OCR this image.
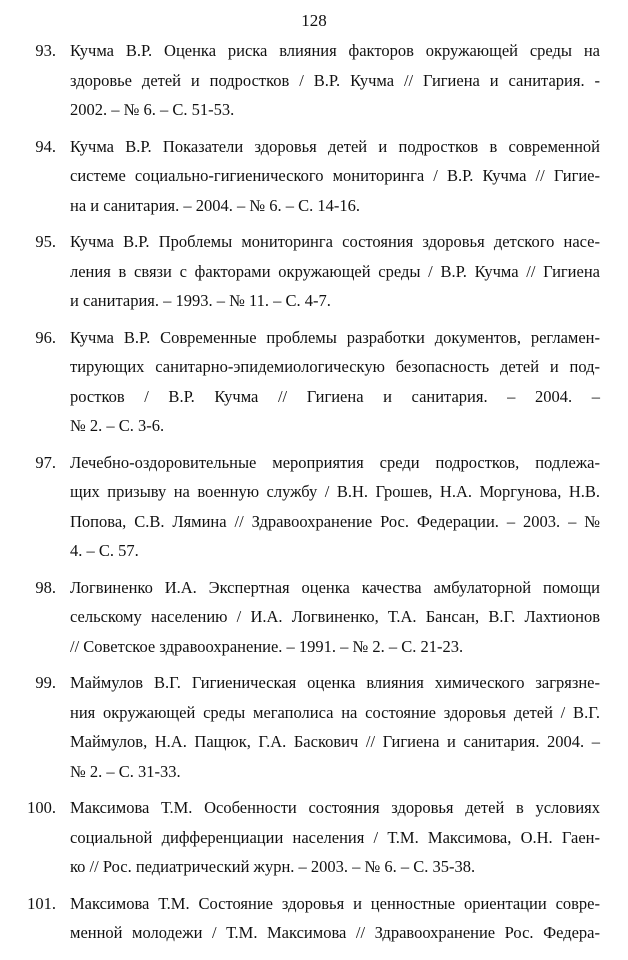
128
93. Кучма В.Р. Оценка риска влияния факторов окружающей среды на
здоровье детей и подростков / В.Р. Кучма // Гигиена и санитария. -
2002. – № 6. – С. 51-53.
94. Кучма В.Р. Показатели здоровья детей и подростков в современной
системе социально-гигиенического мониторинга / В.Р. Кучма // Гигие-
на и санитария. – 2004. – № 6. – С. 14-16.
95. Кучма В.Р. Проблемы мониторинга состояния здоровья детского насе-
ления в связи с факторами окружающей среды / В.Р. Кучма // Гигиена
и санитария. – 1993. – № 11. – С. 4-7.
96. Кучма В.Р. Современные проблемы разработки документов, регламен-
тирующих санитарно-эпидемиологическую безопасность детей и под-
ростков / В.Р. Кучма // Гигиена и санитария. – 2004. –
№ 2. – С. 3-6.
97. Лечебно-оздоровительные мероприятия среди подростков, подлежа-
щих призыву на военную службу / В.Н. Грошев, Н.А. Моргунова, Н.В.
Попова, С.В. Лямина // Здравоохранение Рос. Федерации. – 2003. – №
4. – С. 57.
98. Логвиненко И.А. Экспертная оценка качества амбулаторной помощи
сельскому населению / И.А. Логвиненко, Т.А. Бансан, В.Г. Лахтионов
// Советское здравоохранение. – 1991. – № 2. – С. 21-23.
99. Маймулов В.Г. Гигиеническая оценка влияния химического загрязне-
ния окружающей среды мегаполиса на состояние здоровья детей / В.Г.
Маймулов, Н.А. Пащюк, Г.А. Баскович // Гигиена и санитария. 2004. –
№ 2. – С. 31-33.
100. Максимова Т.М. Особенности состояния здоровья детей в условиях
социальной дифференциации населения / Т.М. Максимова, О.Н. Гаен-
ко // Рос. педиатрический журн. – 2003. – № 6. – С. 35-38.
101. Максимова Т.М. Состояние здоровья и ценностные ориентации совре-
менной молодежи / Т.М. Максимова // Здравоохранение Рос. Федера-
